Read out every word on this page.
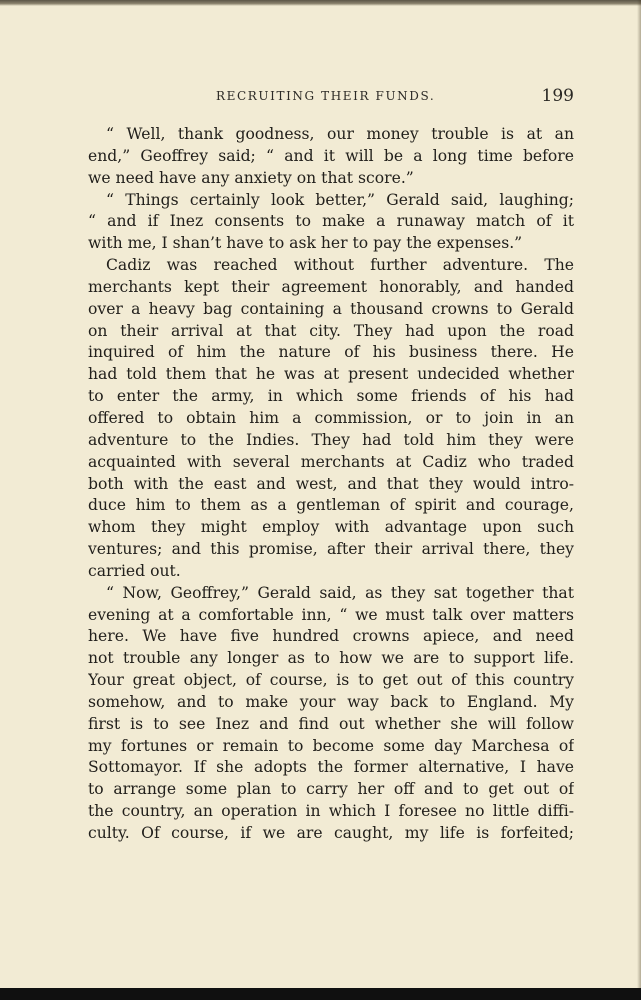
RECRUITING THEIR FUNDS.	199
“ Well, thank goodness, our money trouble is at an
end,” Geoffrey said; “ and it will be a long time before
we need have any anxiety on that score.”
“ Things certainly look better,” Gerald said, laughing;
“ and if Inez consents to make a runaway match of it
with me, I shan’t have to ask her to pay the expenses.”
Cadiz was reached without further adventure. The
merchants kept their agreement honorably, and handed
over a heavy bag containing a thousand crowns to Gerald
on their arrival at that city. They had upon the road
inquired of him the nature of his business there. He
had told them that he was at present undecided whether
to enter the army, in which some friends of his had
offered to obtain him a commission, or to join in an
adventure to the Indies. They had told him they were
acquainted with several merchants at Cadiz who traded
both with the east and west, and that they would intro-
duce him to them as a gentleman of spirit and courage,
whom they might employ with advantage upon such
ventures; and this promise, after their arrival there, they
carried out.
“ Now, Geoffrey,” Gerald said, as they sat together that
evening at a comfortable inn, “ we must talk over matters
here. We have five hundred crowns apiece, and need
not trouble any longer as to how we are to support life.
Your great object, of course, is to get out of this country
somehow, and to make your way back to England. My
first is to see Inez and find out whether she will follow
my fortunes or remain to become some day Marchesa of
Sottomayor. If she adopts the former alternative, I have
to arrange some plan to carry her off and to get out of
the country, an operation in which I foresee no little diffi-
culty. Of course, if we are caught, my life is forfeited;
